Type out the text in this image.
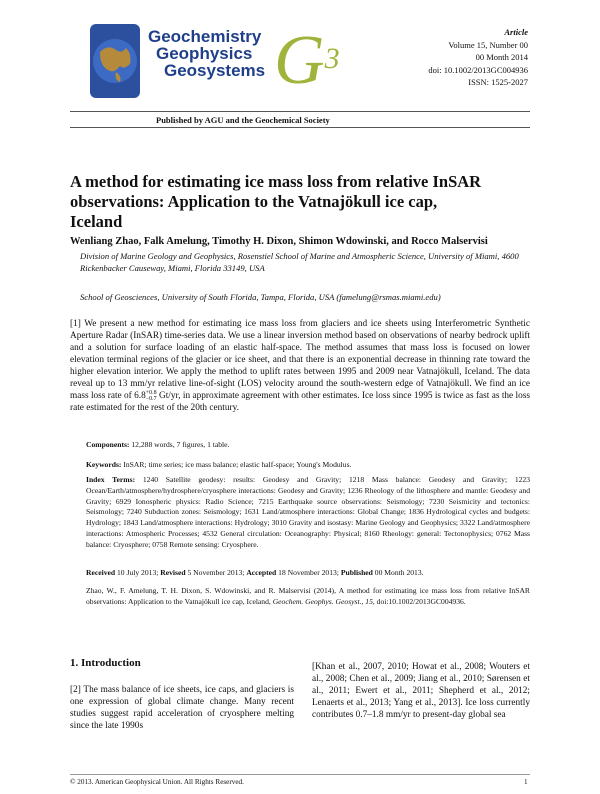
Geochemistry
Geophysics
Geosystems $G^3$
Article
Volume 15, Number 00
00 Month 2014
doi: 10.1002/2013GC004936
ISSN: 1525-2027
Published by AGU and the Geochemical Society
A method for estimating ice mass loss from relative InSAR observations: Application to the Vatnajökull ice cap, Iceland
Wenliang Zhao, Falk Amelung, Timothy H. Dixon, Shimon Wdowinski, and Rocco Malservisi
Division of Marine Geology and Geophysics, Rosenstiel School of Marine and Atmospheric Science, University of Miami, 4600 Rickenbacker Causeway, Miami, Florida 33149, USA
School of Geosciences, University of South Florida, Tampa, Florida, USA (famelung@rsmas.miami.edu)
[1] We present a new method for estimating ice mass loss from glaciers and ice sheets using Interferometric Synthetic Aperture Radar (InSAR) time-series data. We use a linear inversion method based on observations of nearby bedrock uplift and a solution for surface loading of an elastic half-space. The method assumes that mass loss is focused on lower elevation terminal regions of the glacier or ice sheet, and that there is an exponential decrease in thinning rate toward the higher elevation interior. We apply the method to uplift rates between 1995 and 2009 near Vatnajökull, Iceland. The data reveal up to 13 mm/yr relative line-of-sight (LOS) velocity around the south-western edge of Vatnajökull. We find an ice mass loss rate of 6.8 +0.8
−0.7 Gt/yr, in approximate agreement with other estimates. Ice loss since 1995 is twice as fast as the loss rate estimated for the rest of the 20th century.
Components: 12,288 words, 7 figures, 1 table.
Keywords: InSAR; time series; ice mass balance; elastic half-space; Young's Modulus.
Index Terms: 1240 Satellite geodesy: results: Geodesy and Gravity; 1218 Mass balance: Geodesy and Gravity; 1223 Ocean/Earth/atmosphere/hydrosphere/cryosphere interactions: Geodesy and Gravity; 1236 Rheology of the lithosphere and mantle: Geodesy and Gravity; 6929 Ionospheric physics: Radio Science; 7215 Earthquake source observations: Seismology; 7230 Seismicity and tectonics: Seismology; 7240 Subduction zones: Seismology; 1631 Land/atmosphere interactions: Global Change; 1836 Hydrological cycles and budgets: Hydrology; 1843 Land/atmosphere interactions: Hydrology; 3010 Gravity and isostasy: Marine Geology and Geophysics; 3322 Land/atmosphere interactions: Atmospheric Processes; 4532 General circulation: Oceanography: Physical; 8160 Rheology: general: Tectonophysics; 0762 Mass balance: Cryosphere; 0758 Remote sensing: Cryosphere.
Received 10 July 2013; Revised 5 November 2013; Accepted 18 November 2013; Published 00 Month 2013.
Zhao, W., F. Amelung, T. H. Dixon, S. Wdowinski, and R. Malservisi (2014), A method for estimating ice mass loss from relative InSAR observations: Application to the Vatnajökull ice cap, Iceland, Geochem. Geophys. Geosyst., 15, doi:10.1002/2013GC004936.
1. Introduction
[2] The mass balance of ice sheets, ice caps, and glaciers is one expression of global climate change. Many recent studies suggest rapid acceleration of cryosphere melting since the late 1990s
[Khan et al., 2007, 2010; Howat et al., 2008; Wouters et al., 2008; Chen et al., 2009; Jiang et al., 2010; Sørensen et al., 2011; Ewert et al., 2011; Shepherd et al., 2012; Lenaerts et al., 2013; Yang et al., 2013]. Ice loss currently contributes 0.7–1.8 mm/yr to present-day global sea
© 2013. American Geophysical Union. All Rights Reserved.	1
